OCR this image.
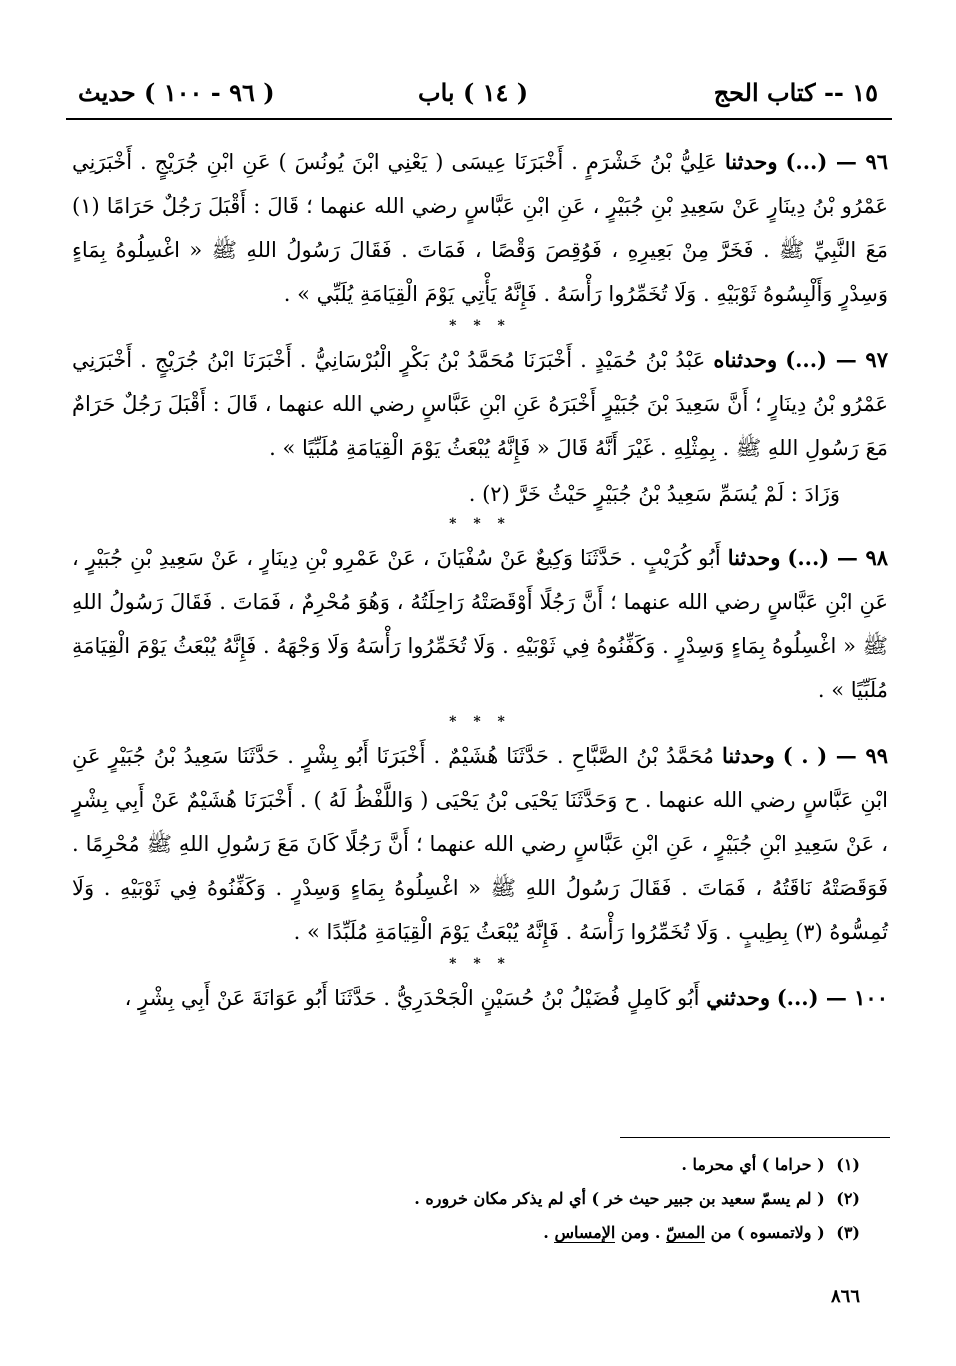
١٥ -- كتاب الحج
( ١٤ ) باب
( ٩٦ - ١٠٠ ) حديث

٩٦ — (...) وحدثنا عَلِيُّ بْنُ خَشْرَمٍ . أَخْبَرَنَا عِيسَى ( يَعْنِي ابْنَ يُونُسَ ) عَنِ ابْنِ جُرَيْجٍ . أَخْبَرَنِي عَمْرُو بْنُ دِينَارٍ عَنْ سَعِيدِ بْنِ جُبَيْرٍ ، عَنِ ابْنِ عَبَّاسٍ رضي الله عنهما ؛ قَالَ : أَقْبَلَ رَجُلٌ حَرَامًا (١) مَعَ النَّبِيِّ ﷺ . فَخَرَّ مِنْ بَعِيرِهِ ، فَوُقِصَ وَقْصًا ، فَمَاتَ . فَقَالَ رَسُولُ اللهِ ﷺ « اغْسِلُوهُ بِمَاءٍ وَسِدْرٍ وَأَلْبِسُوهُ ثَوْبَيْهِ . وَلَا تُخَمِّرُوا رَأْسَهُ . فَإِنَّهُ يَأْتِي يَوْمَ الْقِيَامَةِ يُلَبِّي » .

* * *

٩٧ — (...) وحدثناه عَبْدُ بْنُ حُمَيْدٍ . أَخْبَرَنَا مُحَمَّدُ بْنُ بَكْرٍ الْبُرْسَانِيُّ . أَخْبَرَنَا ابْنُ جُرَيْجٍ . أَخْبَرَنِي عَمْرُو بْنُ دِينَارٍ ؛ أَنَّ سَعِيدَ بْنَ جُبَيْرٍ أَخْبَرَهُ عَنِ ابْنِ عَبَّاسٍ رضي الله عنهما ، قَالَ : أَقْبَلَ رَجُلٌ حَرَامٌ مَعَ رَسُولِ اللهِ ﷺ . بِمِثْلِهِ . غَيْرَ أَنَّهُ قَالَ « فَإِنَّهُ يُبْعَثُ يَوْمَ الْقِيَامَةِ مُلَبِّيًا » .

وَزَادَ : لَمْ يُسَمِّ سَعِيدُ بْنُ جُبَيْرٍ حَيْثُ خَرَّ (٢) .

* * *

٩٨ — (...) وحدثنا أَبُو كُرَيْبٍ . حَدَّثَنَا وَكِيعٌ عَنْ سُفْيَانَ ، عَنْ عَمْرِو بْنِ دِينَارٍ ، عَنْ سَعِيدِ بْنِ جُبَيْرٍ ، عَنِ ابْنِ عَبَّاسٍ رضي الله عنهما ؛ أَنَّ رَجُلًا أَوْقَصَتْهُ رَاحِلَتُهُ ، وَهُوَ مُحْرِمٌ ، فَمَاتَ . فَقَالَ رَسُولُ اللهِ ﷺ « اغْسِلُوهُ بِمَاءٍ وَسِدْرٍ . وَكَفِّنُوهُ فِي ثَوْبَيْهِ . وَلَا تُخَمِّرُوا رَأْسَهُ وَلَا وَجْهَهُ . فَإِنَّهُ يُبْعَثُ يَوْمَ الْقِيَامَةِ مُلَبِّيًا » .

* * *

٩٩ — ( . ) وحدثنا مُحَمَّدُ بْنُ الصَّبَّاحِ . حَدَّثَنَا هُشَيْمٌ . أَخْبَرَنَا أَبُو بِشْرٍ . حَدَّثَنَا سَعِيدُ بْنُ جُبَيْرٍ عَنِ ابْنِ عَبَّاسٍ رضي الله عنهما . ح وَحَدَّثَنَا يَحْيَى بْنُ يَحْيَى ( وَاللَّفْظُ لَهُ ) . أَخْبَرَنَا هُشَيْمٌ عَنْ أَبِي بِشْرٍ ، عَنْ سَعِيدِ ابْنِ جُبَيْرٍ ، عَنِ ابْنِ عَبَّاسٍ رضي الله عنهما ؛ أَنَّ رَجُلًا كَانَ مَعَ رَسُولِ اللهِ ﷺ مُحْرِمًا . فَوَقَصَتْهُ نَاقَتُهُ ، فَمَاتَ . فَقَالَ رَسُولُ اللهِ ﷺ « اغْسِلُوهُ بِمَاءٍ وَسِدْرٍ . وَكَفِّنُوهُ فِي ثَوْبَيْهِ . وَلَا تُمِسُّوهُ (٣) بِطِيبٍ . وَلَا تُخَمِّرُوا رَأْسَهُ . فَإِنَّهُ يُبْعَثُ يَوْمَ الْقِيَامَةِ مُلَبِّدًا » .

* * *

١٠٠ — (...) وحدثني أَبُو كَامِلٍ فُضَيْلُ بْنُ حُسَيْنٍ الْجَحْدَرِيُّ . حَدَّثَنَا أَبُو عَوَانَةَ عَنْ أَبِي بِشْرٍ ،

(١) ( حراما ) أي محرما .

(٢) ( لم يسمّ سعيد بن جبير حيث خر ) أي لم يذكر مكان خروره .

(٣) ( ولاتمسوه ) من المسّ . ومن الإمساس .

٨٦٦
